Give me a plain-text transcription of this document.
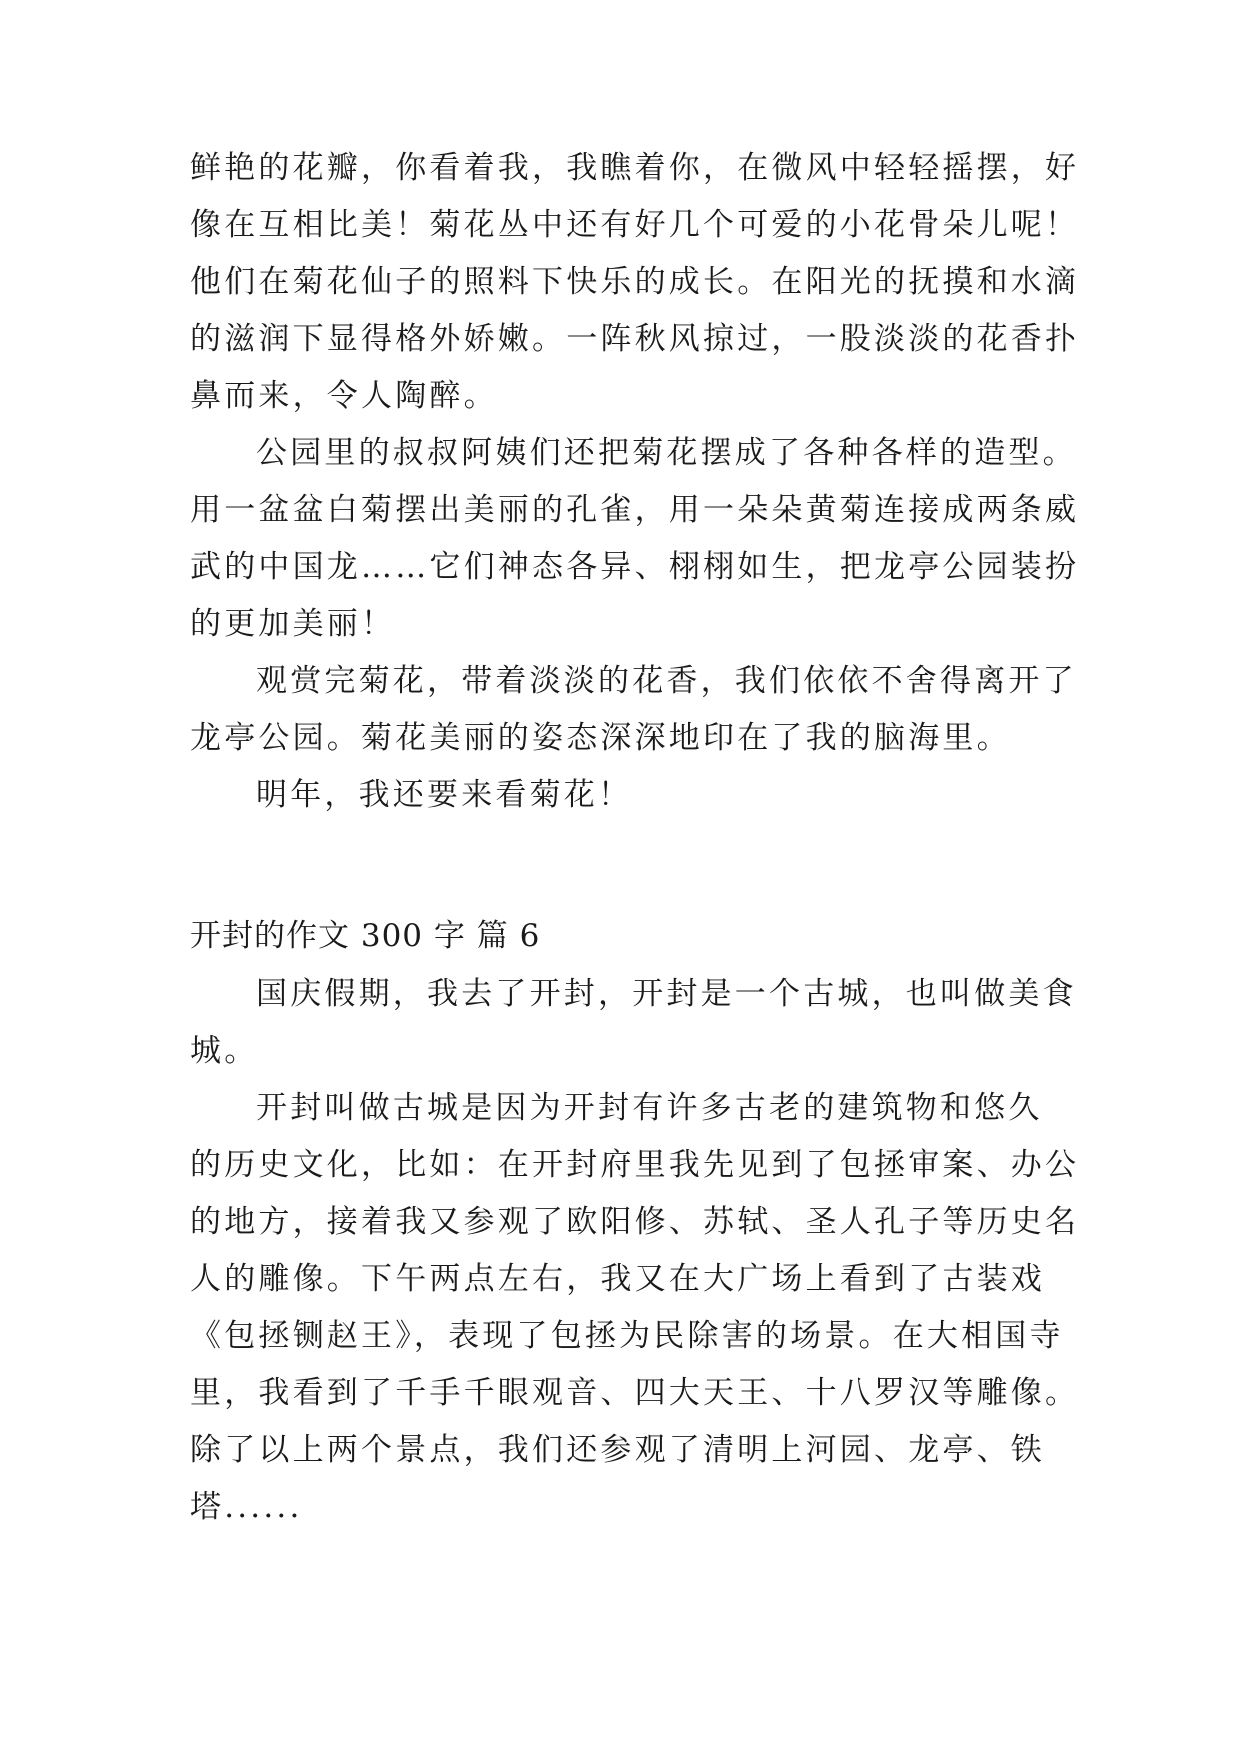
鲜艳的花瓣，你看着我，我瞧着你，在微风中轻轻摇摆，好
像在互相比美！菊花丛中还有好几个可爱的小花骨朵儿呢！
他们在菊花仙子的照料下快乐的成长。在阳光的抚摸和水滴
的滋润下显得格外娇嫩。一阵秋风掠过，一股淡淡的花香扑
鼻而来，令人陶醉。
公园里的叔叔阿姨们还把菊花摆成了各种各样的造型。
用一盆盆白菊摆出美丽的孔雀，用一朵朵黄菊连接成两条威
武的中国龙……它们神态各异、栩栩如生，把龙亭公园装扮
的更加美丽！
观赏完菊花，带着淡淡的花香，我们依依不舍得离开了
龙亭公园。菊花美丽的姿态深深地印在了我的脑海里。
明年，我还要来看菊花！
开封的作文 300 字 篇 6
国庆假期，我去了开封，开封是一个古城，也叫做美食
城。
开封叫做古城是因为开封有许多古老的建筑物和悠久
的历史文化，比如：在开封府里我先见到了包拯审案、办公
的地方，接着我又参观了欧阳修、苏轼、圣人孔子等历史名
人的雕像。下午两点左右，我又在大广场上看到了古装戏
《包拯铡赵王》，表现了包拯为民除害的场景。在大相国寺
里，我看到了千手千眼观音、四大天王、十八罗汉等雕像。
除了以上两个景点，我们还参观了清明上河园、龙亭、铁
塔......
